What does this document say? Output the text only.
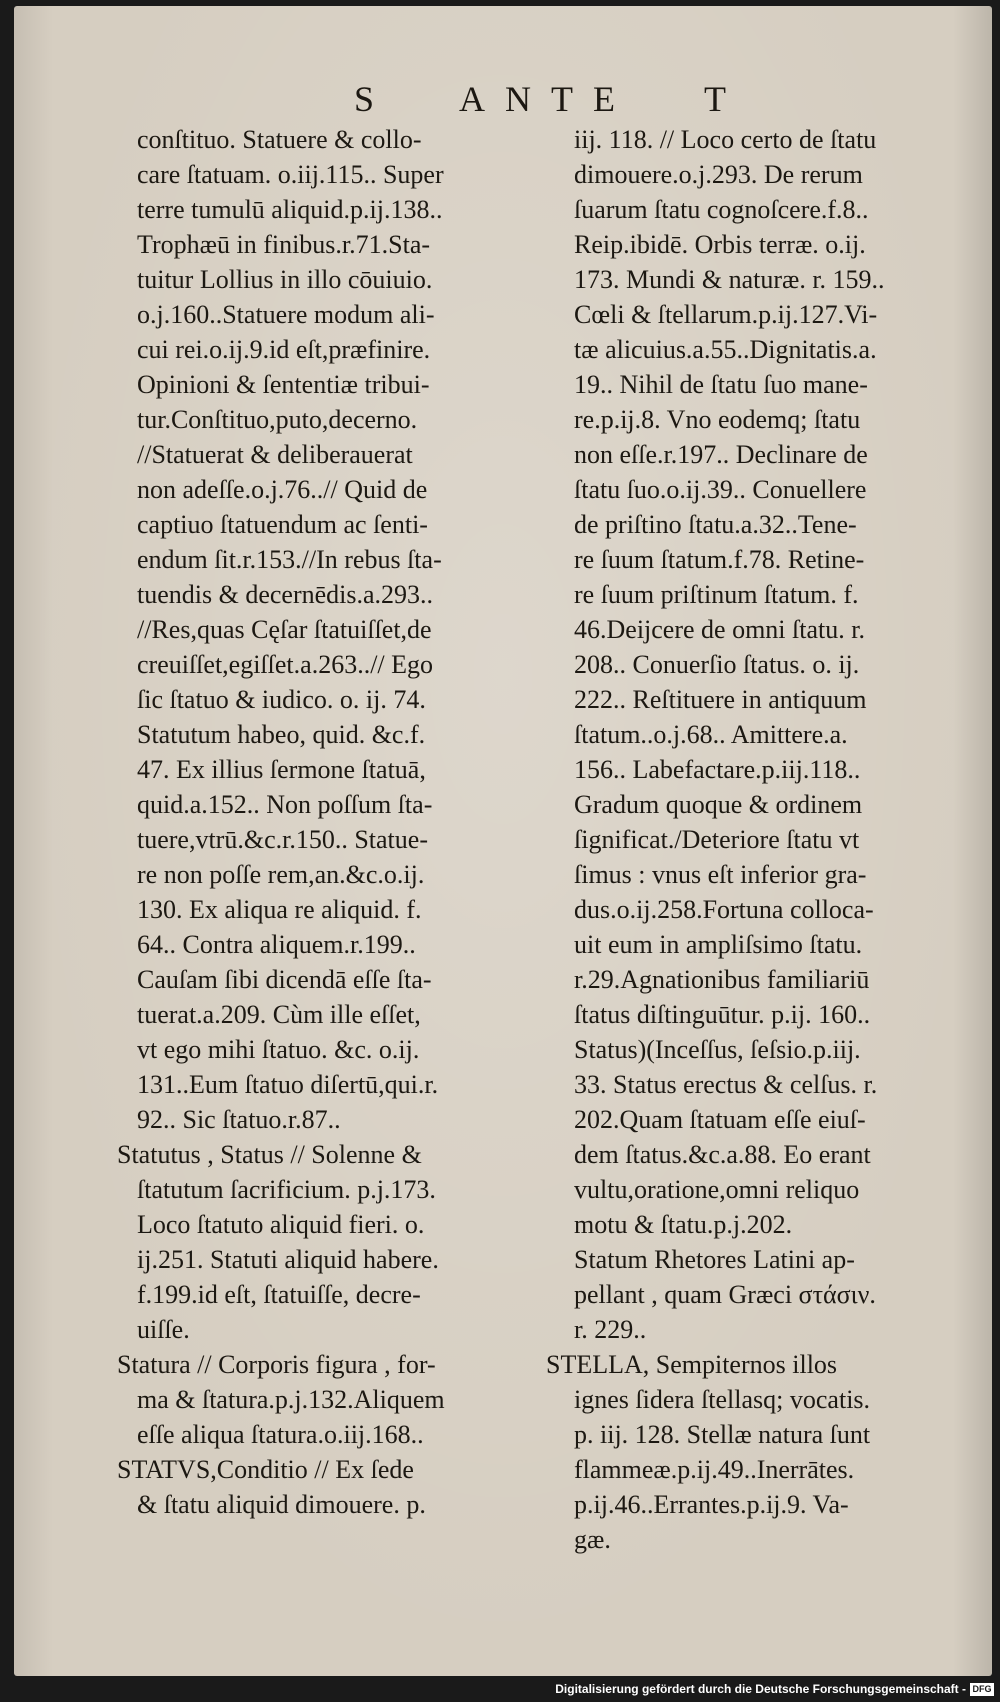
S ANTE T
conſtituo. Statuere & collo-
care ſtatuam. o.iij.115.. Super
terre tumulū aliquid.p.ij.138..
Trophæū in finibus.r.71.Sta-
tuitur Lollius in illo cōuiuio.
o.j.160..Statuere modum ali-
cui rei.o.ij.9.id eſt,præfinire.
Opinioni & ſententiæ tribui-
tur.Conſtituo,puto,decerno.
//Statuerat & deliberauerat
non adeſſe.o.j.76..// Quid de
captiuo ſtatuendum ac ſenti-
endum ſit.r.153.//In rebus ſta-
tuendis & decernēdis.a.293..
//Res,quas Cęſar ſtatuiſſet,de
creuiſſet,egiſſet.a.263..// Ego
ſic ſtatuo & iudico. o. ij. 74.
Statutum habeo, quid. &c.f.
47. Ex illius ſermone ſtatuā,
quid.a.152.. Non poſſum ſta-
tuere,vtrū.&c.r.150.. Statue-
re non poſſe rem,an.&c.o.ij.
130. Ex aliqua re aliquid. f.
64.. Contra aliquem.r.199..
Cauſam ſibi dicendā eſſe ſta-
tuerat.a.209. Cùm ille eſſet,
vt ego mihi ſtatuo. &c. o.ij.
131..Eum ſtatuo diſertū,qui.r.
92.. Sic ſtatuo.r.87..
Statutus , Status // Solenne &
ſtatutum ſacrificium. p.j.173.
Loco ſtatuto aliquid fieri. o.
ij.251. Statuti aliquid habere.
f.199.id eſt, ſtatuiſſe, decre-
uiſſe.
Statura // Corporis figura , for-
ma & ſtatura.p.j.132.Aliquem
eſſe aliqua ſtatura.o.iij.168..
STATVS,Conditio // Ex ſede
& ſtatu aliquid dimouere. p.
iij. 118. // Loco certo de ſtatu
dimouere.o.j.293. De rerum
ſuarum ſtatu cognoſcere.f.8..
Reip.ibidē. Orbis terræ. o.ij.
173. Mundi & naturæ. r. 159..
Cœli & ſtellarum.p.ij.127.Vi-
tæ alicuius.a.55..Dignitatis.a.
19.. Nihil de ſtatu ſuo mane-
re.p.ij.8. Vno eodemq; ſtatu
non eſſe.r.197.. Declinare de
ſtatu ſuo.o.ij.39.. Conuellere
de priſtino ſtatu.a.32..Tene-
re ſuum ſtatum.f.78. Retine-
re ſuum priſtinum ſtatum. f.
46.Deijcere de omni ſtatu. r.
208.. Conuerſio ſtatus. o. ij.
222.. Reſtituere in antiquum
ſtatum..o.j.68.. Amittere.a.
156.. Labefactare.p.iij.118..
Gradum quoque & ordinem
ſignificat./Deteriore ſtatu vt
ſimus : vnus eſt inferior gra-
dus.o.ij.258.Fortuna colloca-
uit eum in ampliſsimo ſtatu.
r.29.Agnationibus familiariū
ſtatus diſtinguūtur. p.ij. 160..
Status)(Inceſſus, ſeſsio.p.iij.
33. Status erectus & celſus. r.
202.Quam ſtatuam eſſe eiuſ-
dem ſtatus.&c.a.88. Eo erant
vultu,oratione,omni reliquo
motu & ſtatu.p.j.202.
Statum Rhetores Latini ap-
pellant , quam Græci στάσιν.
r. 229..
STELLA, Sempiternos illos
ignes ſidera ſtellasq; vocatis.
p. iij. 128. Stellæ natura ſunt
flammeæ.p.ij.49..Inerrātes.
p.ij.46..Errantes.p.ij.9. Va-
gæ.
Digitalisierung gefördert durch die Deutsche Forschungsgemeinschaft - DFG
